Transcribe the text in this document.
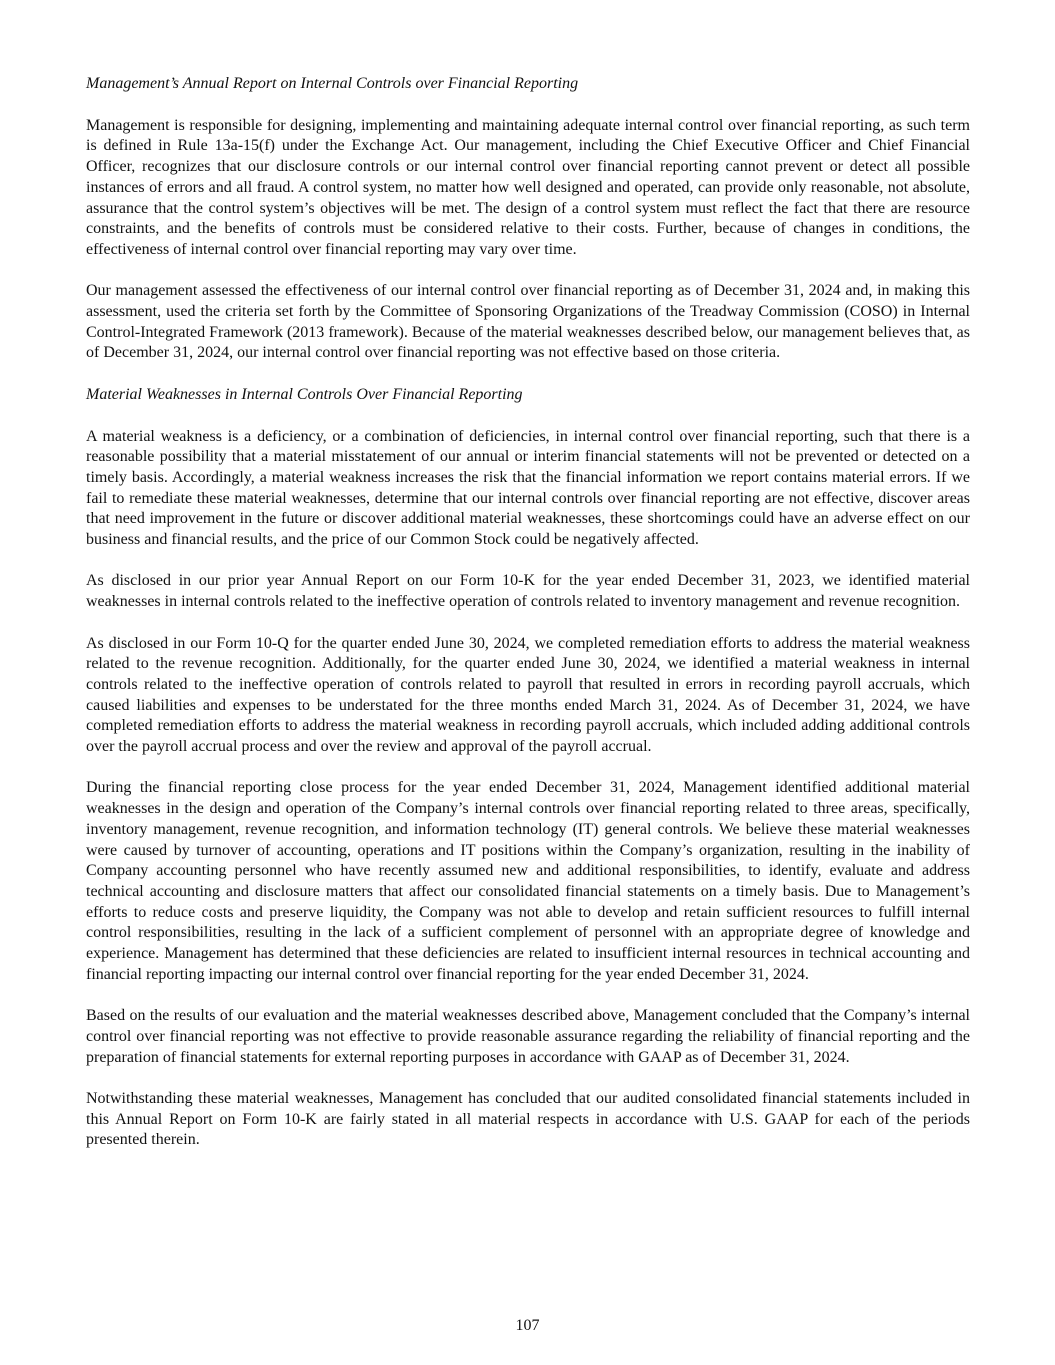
Management’s Annual Report on Internal Controls over Financial Reporting

Management is responsible for designing, implementing and maintaining adequate internal control over financial reporting, as such term is defined in Rule 13a-15(f) under the Exchange Act. Our management, including the Chief Executive Officer and Chief Financial Officer, recognizes that our disclosure controls or our internal control over financial reporting cannot prevent or detect all possible instances of errors and all fraud. A control system, no matter how well designed and operated, can provide only reasonable, not absolute, assurance that the control system’s objectives will be met. The design of a control system must reflect the fact that there are resource constraints, and the benefits of controls must be considered relative to their costs. Further, because of changes in conditions, the effectiveness of internal control over financial reporting may vary over time.

Our management assessed the effectiveness of our internal control over financial reporting as of December 31, 2024 and, in making this assessment, used the criteria set forth by the Committee of Sponsoring Organizations of the Treadway Commission (COSO) in Internal Control-Integrated Framework (2013 framework). Because of the material weaknesses described below, our management believes that, as of December 31, 2024, our internal control over financial reporting was not effective based on those criteria.

Material Weaknesses in Internal Controls Over Financial Reporting

A material weakness is a deficiency, or a combination of deficiencies, in internal control over financial reporting, such that there is a reasonable possibility that a material misstatement of our annual or interim financial statements will not be prevented or detected on a timely basis. Accordingly, a material weakness increases the risk that the financial information we report contains material errors. If we fail to remediate these material weaknesses, determine that our internal controls over financial reporting are not effective, discover areas that need improvement in the future or discover additional material weaknesses, these shortcomings could have an adverse effect on our business and financial results, and the price of our Common Stock could be negatively affected.

As disclosed in our prior year Annual Report on our Form 10-K for the year ended December 31, 2023, we identified material weaknesses in internal controls related to the ineffective operation of controls related to inventory management and revenue recognition.

As disclosed in our Form 10-Q for the quarter ended June 30, 2024, we completed remediation efforts to address the material weakness related to the revenue recognition. Additionally, for the quarter ended June 30, 2024, we identified a material weakness in internal controls related to the ineffective operation of controls related to payroll that resulted in errors in recording payroll accruals, which caused liabilities and expenses to be understated for the three months ended March 31, 2024. As of December 31, 2024, we have completed remediation efforts to address the material weakness in recording payroll accruals, which included adding additional controls over the payroll accrual process and over the review and approval of the payroll accrual.

During the financial reporting close process for the year ended December 31, 2024, Management identified additional material weaknesses in the design and operation of the Company’s internal controls over financial reporting related to three areas, specifically, inventory management, revenue recognition, and information technology (IT) general controls. We believe these material weaknesses were caused by turnover of accounting, operations and IT positions within the Company’s organization, resulting in the inability of Company accounting personnel who have recently assumed new and additional responsibilities, to identify, evaluate and address technical accounting and disclosure matters that affect our consolidated financial statements on a timely basis. Due to Management’s efforts to reduce costs and preserve liquidity, the Company was not able to develop and retain sufficient resources to fulfill internal control responsibilities, resulting in the lack of a sufficient complement of personnel with an appropriate degree of knowledge and experience. Management has determined that these deficiencies are related to insufficient internal resources in technical accounting and financial reporting impacting our internal control over financial reporting for the year ended December 31, 2024.

Based on the results of our evaluation and the material weaknesses described above, Management concluded that the Company’s internal control over financial reporting was not effective to provide reasonable assurance regarding the reliability of financial reporting and the preparation of financial statements for external reporting purposes in accordance with GAAP as of December 31, 2024.

Notwithstanding these material weaknesses, Management has concluded that our audited consolidated financial statements included in this Annual Report on Form 10-K are fairly stated in all material respects in accordance with U.S. GAAP for each of the periods presented therein.

107
